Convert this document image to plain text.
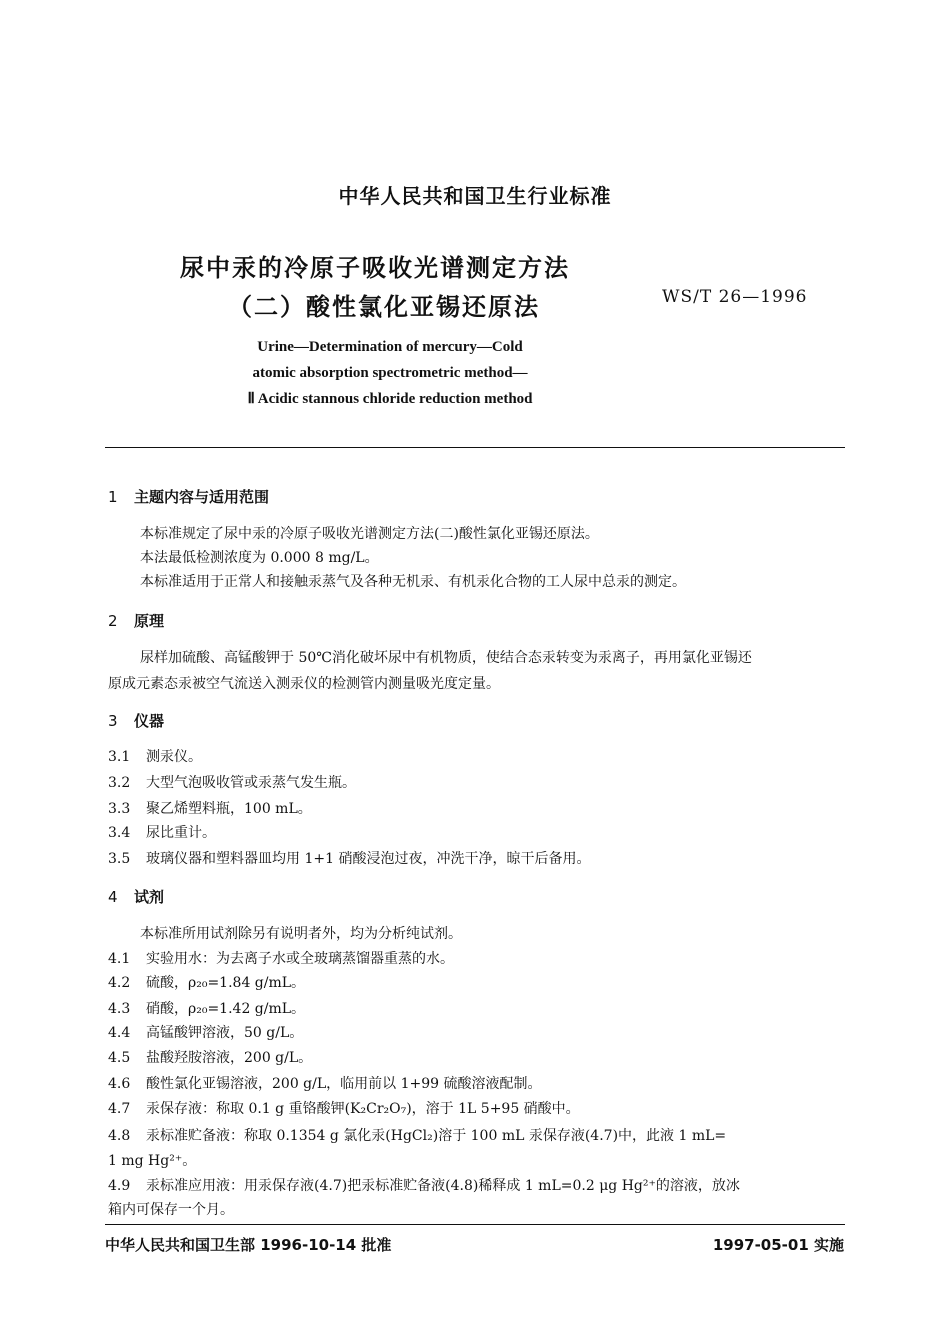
中华人民共和国卫生行业标准
尿中汞的冷原子吸收光谱测定方法
（二）酸性氯化亚锡还原法	WS/T 26—1996
Urine—Determination of mercury—Cold
atomic absorption spectrometric method—
Ⅱ Acidic stannous chloride reduction method
1 主题内容与适用范围
本标准规定了尿中汞的冷原子吸收光谱测定方法(二)酸性氯化亚锡还原法。
本法最低检测浓度为 0.000 8 mg/L。
本标准适用于正常人和接触汞蒸气及各种无机汞、有机汞化合物的工人尿中总汞的测定。
2 原理
尿样加硫酸、高锰酸钾于 50℃消化破坏尿中有机物质，使结合态汞转变为汞离子，再用氯化亚锡还
原成元素态汞被空气流送入测汞仪的检测管内测量吸光度定量。
3 仪器
3.1 测汞仪。
3.2 大型气泡吸收管或汞蒸气发生瓶。
3.3 聚乙烯塑料瓶，100 mL。
3.4 尿比重计。
3.5 玻璃仪器和塑料器皿均用 1+1 硝酸浸泡过夜，冲洗干净，晾干后备用。
4 试剂
本标准所用试剂除另有说明者外，均为分析纯试剂。
4.1 实验用水：为去离子水或全玻璃蒸馏器重蒸的水。
4.2 硫酸，ρ₂₀=1.84 g/mL。
4.3 硝酸，ρ₂₀=1.42 g/mL。
4.4 高锰酸钾溶液，50 g/L。
4.5 盐酸羟胺溶液，200 g/L。
4.6 酸性氯化亚锡溶液，200 g/L，临用前以 1+99 硫酸溶液配制。
4.7 汞保存液：称取 0.1 g 重铬酸钾(K₂Cr₂O₇)，溶于 1L 5+95 硝酸中。
4.8 汞标准贮备液：称取 0.1354 g 氯化汞(HgCl₂)溶于 100 mL 汞保存液(4.7)中，此液 1 mL=
1 mg Hg²⁺。
4.9 汞标准应用液：用汞保存液(4.7)把汞标准贮备液(4.8)稀释成 1 mL=0.2 μg Hg²⁺的溶液，放冰
箱内可保存一个月。
中华人民共和国卫生部 1996-10-14 批准	1997-05-01 实施
